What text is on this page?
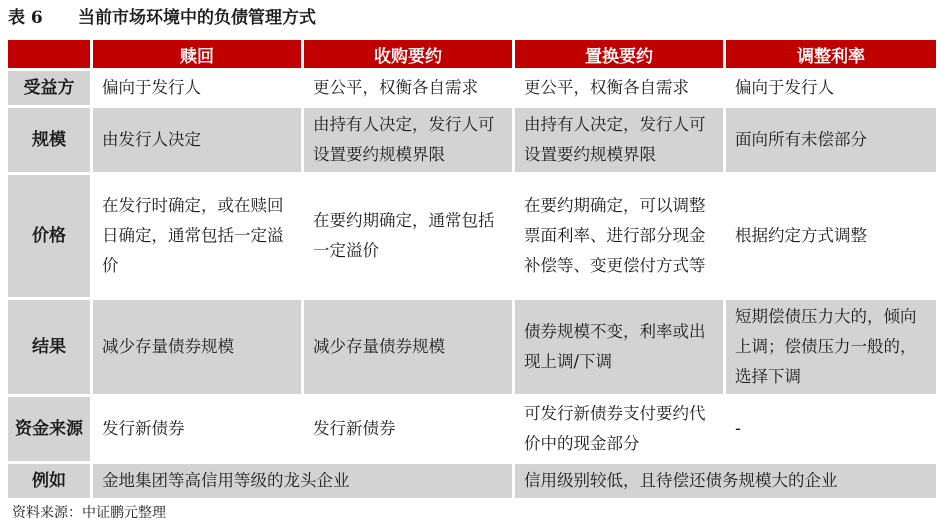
表 6 当前市场环境中的负债管理方式
	赎回	收购要约	置换要约	调整利率
受益方	偏向于发行人	更公平，权衡各自需求	更公平，权衡各自需求	偏向于发行人
规模	由发行人决定	由持有人决定，发行人可设置要约规模界限	由持有人决定，发行人可设置要约规模界限	面向所有未偿部分
价格	在发行时确定，或在赎回日确定，通常包括一定溢价	在要约期确定，通常包括一定溢价	在要约期确定，可以调整票面利率、进行部分现金补偿等、变更偿付方式等	根据约定方式调整
结果	减少存量债券规模	减少存量债券规模	债券规模不变，利率或出现上调/下调	短期偿债压力大的，倾向上调；偿债压力一般的，选择下调
资金来源	发行新债券	发行新债券	可发行新债券支付要约代价中的现金部分	-
例如	金地集团等高信用等级的龙头企业		信用级别较低，且待偿还债务规模大的企业	
资料来源：中证鹏元整理
